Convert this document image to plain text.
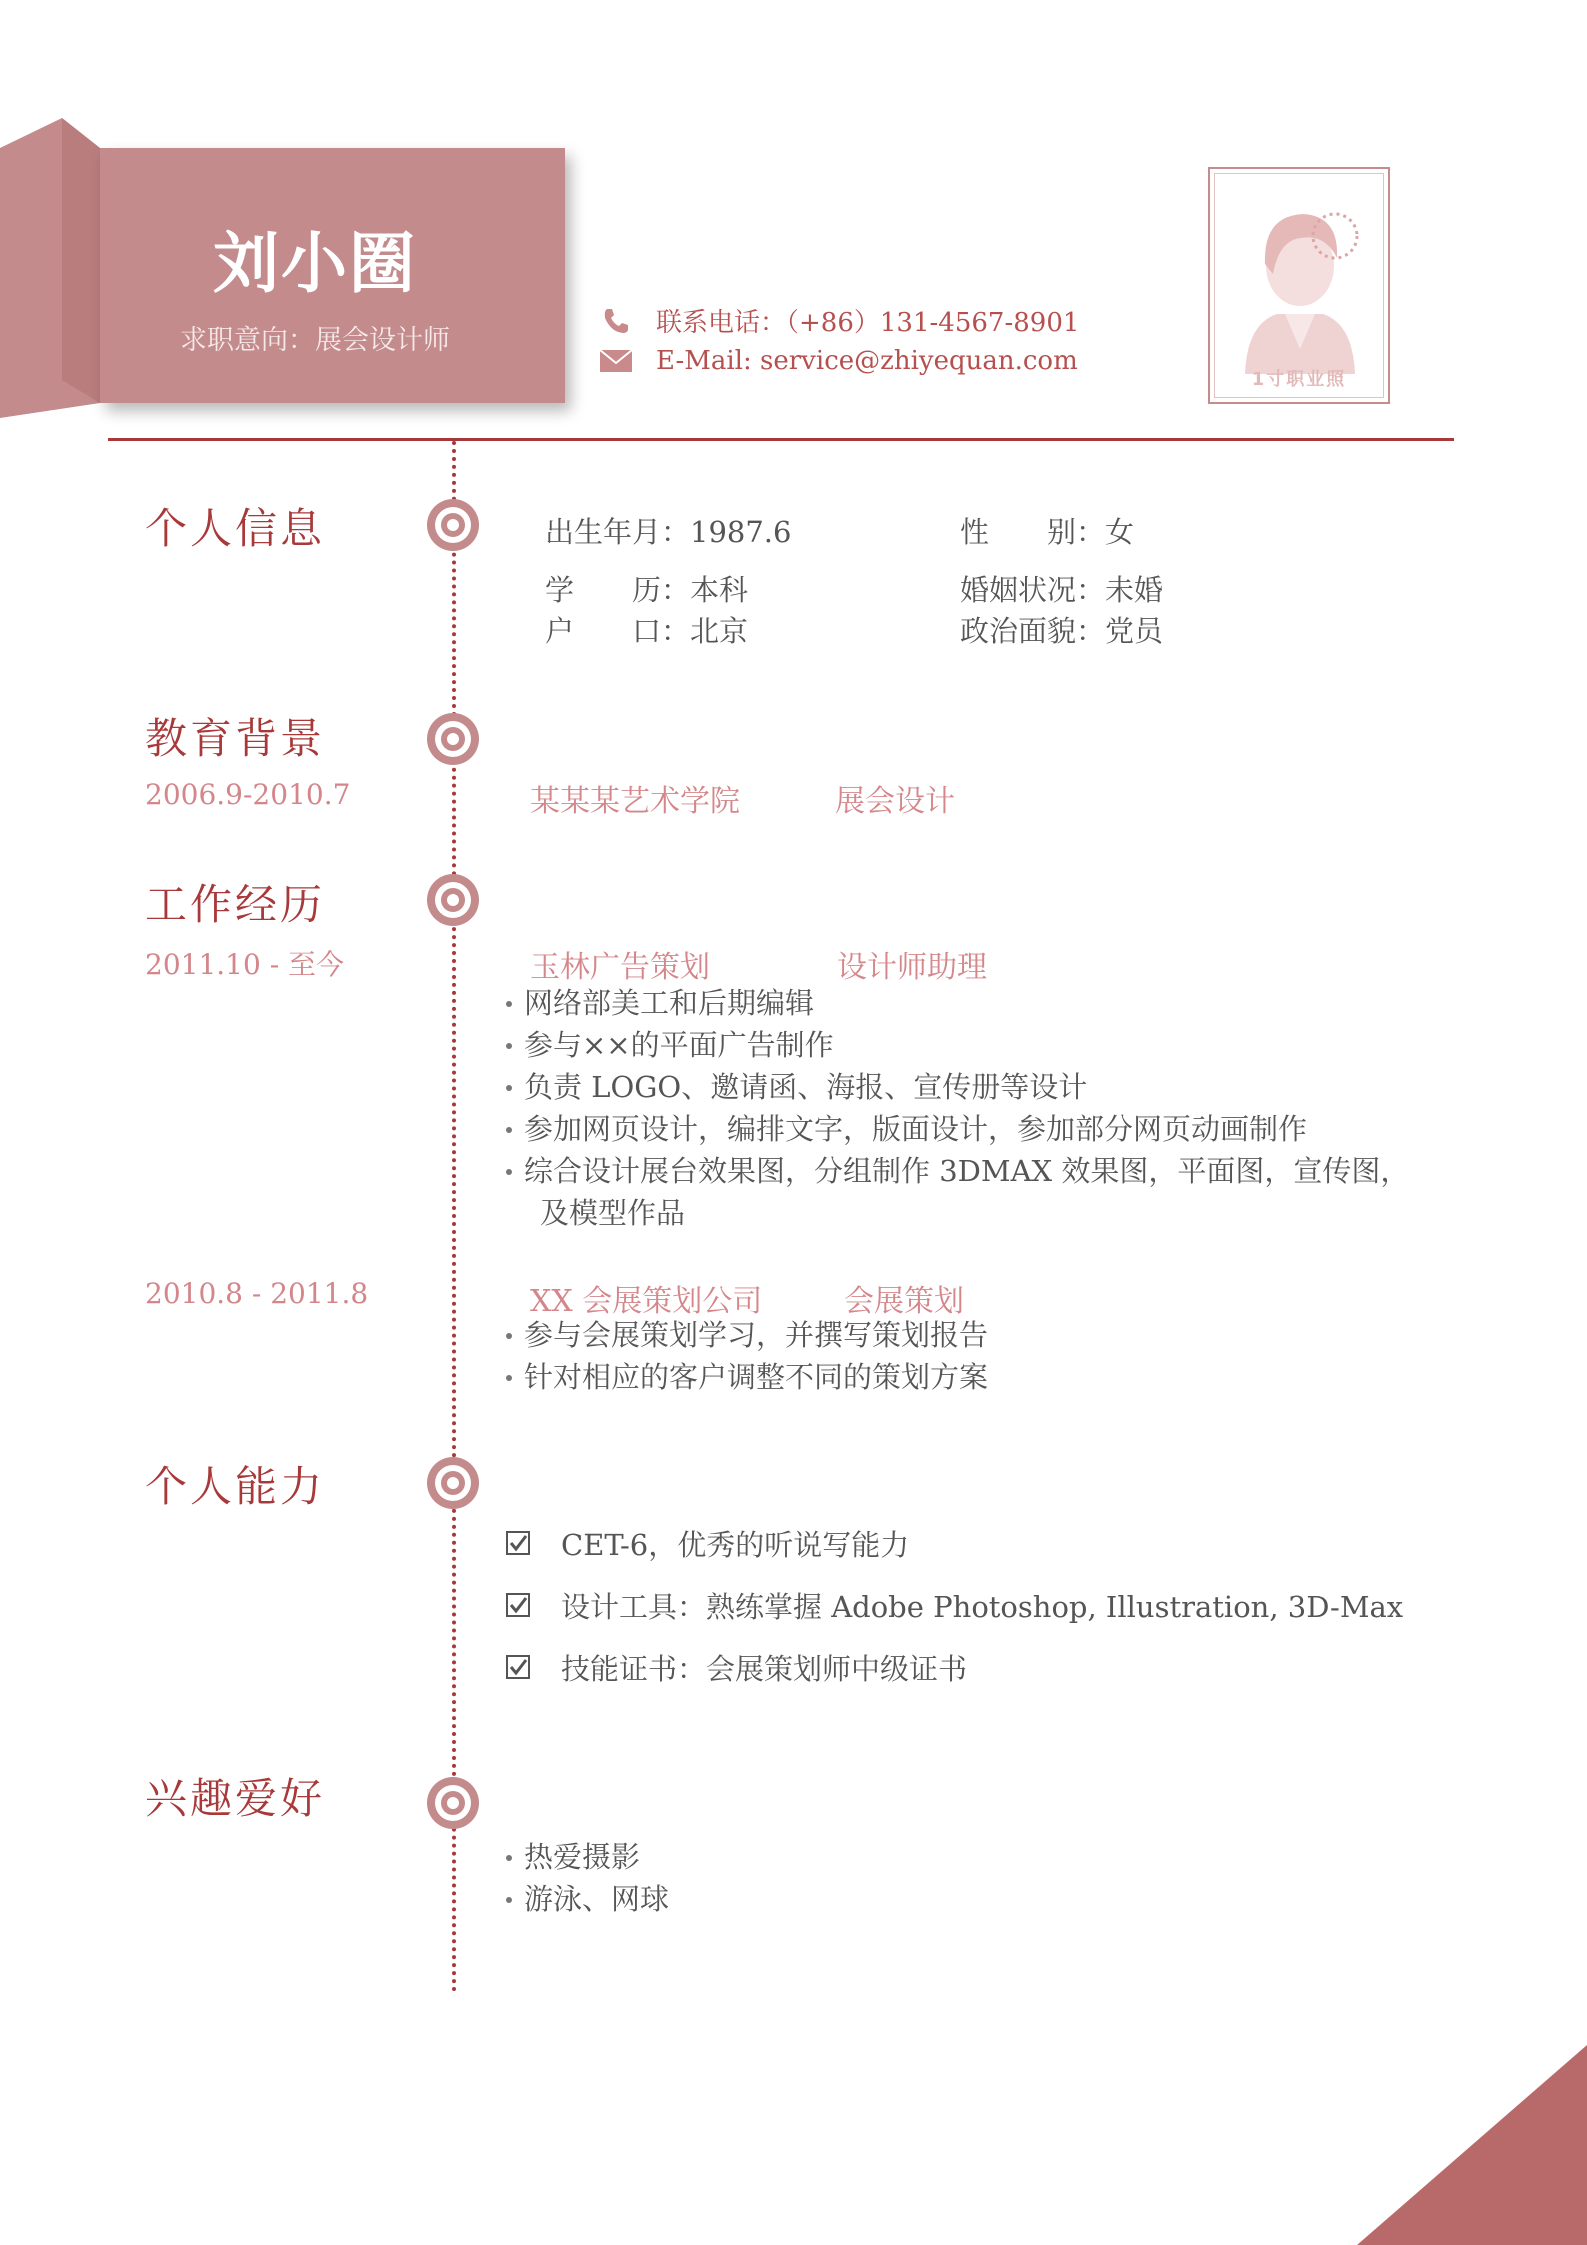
刘小圈
求职意向：展会设计师
联系电话：（+86）131-4567-8901
E-Mail: service@zhiyequan.com
1寸职业照
个人信息	出生年月：1987.6	性　　别：女
学　　历：本科	婚姻状况：未婚
户　　口：北京	政治面貌：党员
教育背景
2006.9-2010.7	某某某艺术学院	展会设计
工作经历
2011.10 - 至今	玉林广告策划	设计师助理
网络部美工和后期编辑
参与××的平面广告制作
负责 LOGO、邀请函、海报、宣传册等设计
参加网页设计，编排文字，版面设计，参加部分网页动画制作
综合设计展台效果图，分组制作 3DMAX 效果图，平面图，宣传图，
及模型作品
2010.8 - 2011.8	XX 会展策划公司	会展策划
参与会展策划学习，并撰写策划报告
针对相应的客户调整不同的策划方案
个人能力
CET-6，优秀的听说写能力
设计工具：熟练掌握 Adobe Photoshop, Illustration, 3D-Max
技能证书：会展策划师中级证书
兴趣爱好
热爱摄影
游泳、网球
